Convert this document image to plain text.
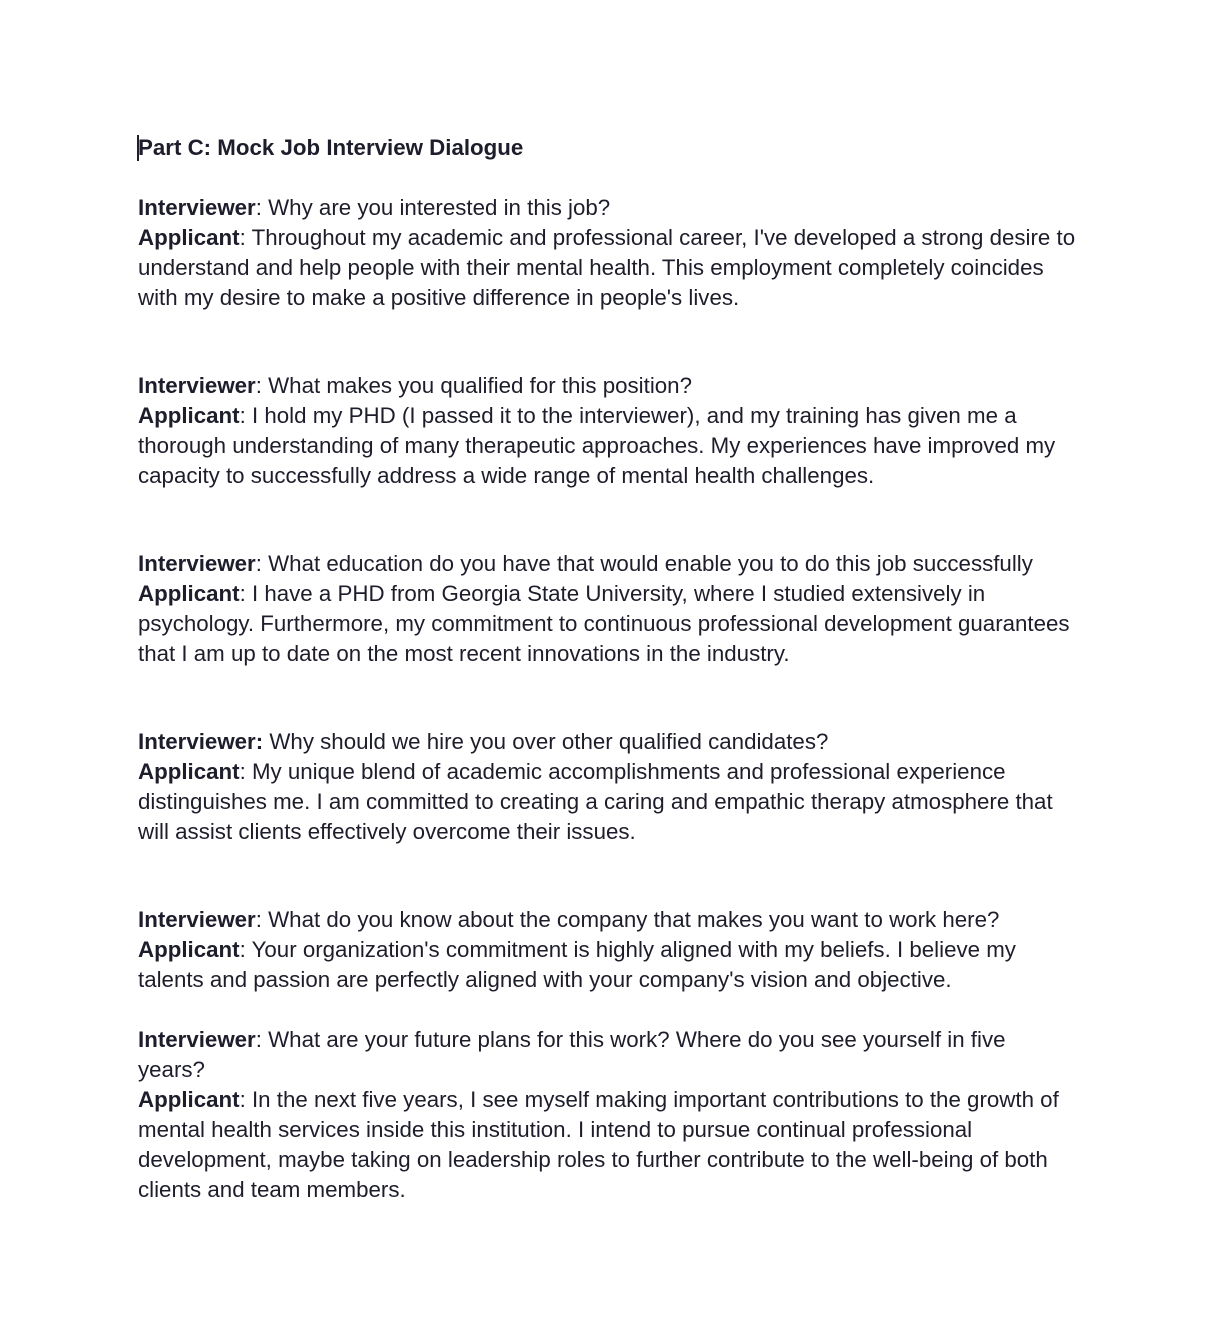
Part C: Mock Job Interview Dialogue

Interviewer: Why are you interested in this job?

Applicant: Throughout my academic and professional career, I've developed a strong desire to understand and help people with their mental health. This employment completely coincides with my desire to make a positive difference in people's lives.

Interviewer: What makes you qualified for this position?

Applicant: I hold my PHD (I passed it to the interviewer), and my training has given me a thorough understanding of many therapeutic approaches. My experiences have improved my capacity to successfully address a wide range of mental health challenges.

Interviewer: What education do you have that would enable you to do this job successfully

Applicant: I have a PHD from Georgia State University, where I studied extensively in psychology. Furthermore, my commitment to continuous professional development guarantees that I am up to date on the most recent innovations in the industry.

Interviewer: Why should we hire you over other qualified candidates?

Applicant: My unique blend of academic accomplishments and professional experience distinguishes me. I am committed to creating a caring and empathic therapy atmosphere that will assist clients effectively overcome their issues.

Interviewer: What do you know about the company that makes you want to work here?

Applicant: Your organization's commitment is highly aligned with my beliefs. I believe my talents and passion are perfectly aligned with your company's vision and objective.

Interviewer: What are your future plans for this work? Where do you see yourself in five years?

Applicant: In the next five years, I see myself making important contributions to the growth of mental health services inside this institution. I intend to pursue continual professional development, maybe taking on leadership roles to further contribute to the well-being of both clients and team members.
